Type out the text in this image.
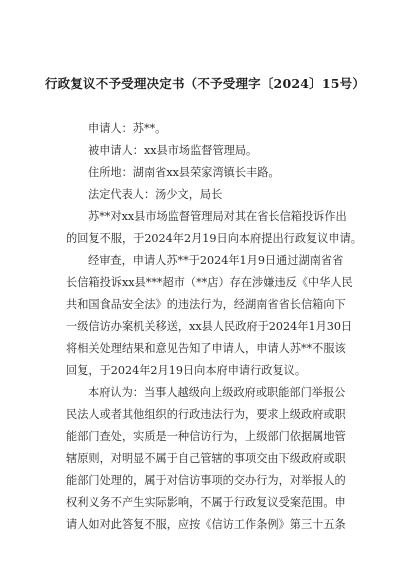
行政复议不予受理决定书（不予受理字〔2024〕15号）
申请人：苏**。
被申请人：xx县市场监督管理局。
住所地：湖南省xx县荣家湾镇长丰路。
法定代表人：汤少文，局长
苏**对xx县市场监督管理局对其在省长信箱投诉作出
的回复不服，于2024年2月19日向本府提出行政复议申请。
经审查，申请人苏**于2024年1月9日通过湖南省省
长信箱投诉xx县***超市（**店）存在涉嫌违反《中华人民
共和国食品安全法》的违法行为，经湖南省省长信箱向下
一级信访办案机关移送，xx县人民政府于2024年1月30日
将相关处理结果和意见告知了申请人，申请人苏**不服该
回复，于2024年2月19日向本府申请行政复议。
本府认为：当事人越级向上级政府或职能部门举报公
民法人或者其他组织的行政违法行为，要求上级政府或职
能部门查处，实质是一种信访行为，上级部门依据属地管
辖原则，对明显不属于自己管辖的事项交由下级政府或职
能部门处理的，属于对信访事项的交办行为，对举报人的
权利义务不产生实际影响，不属于行政复议受案范围。申
请人如对此答复不服，应按《信访工作条例》第三十五条
